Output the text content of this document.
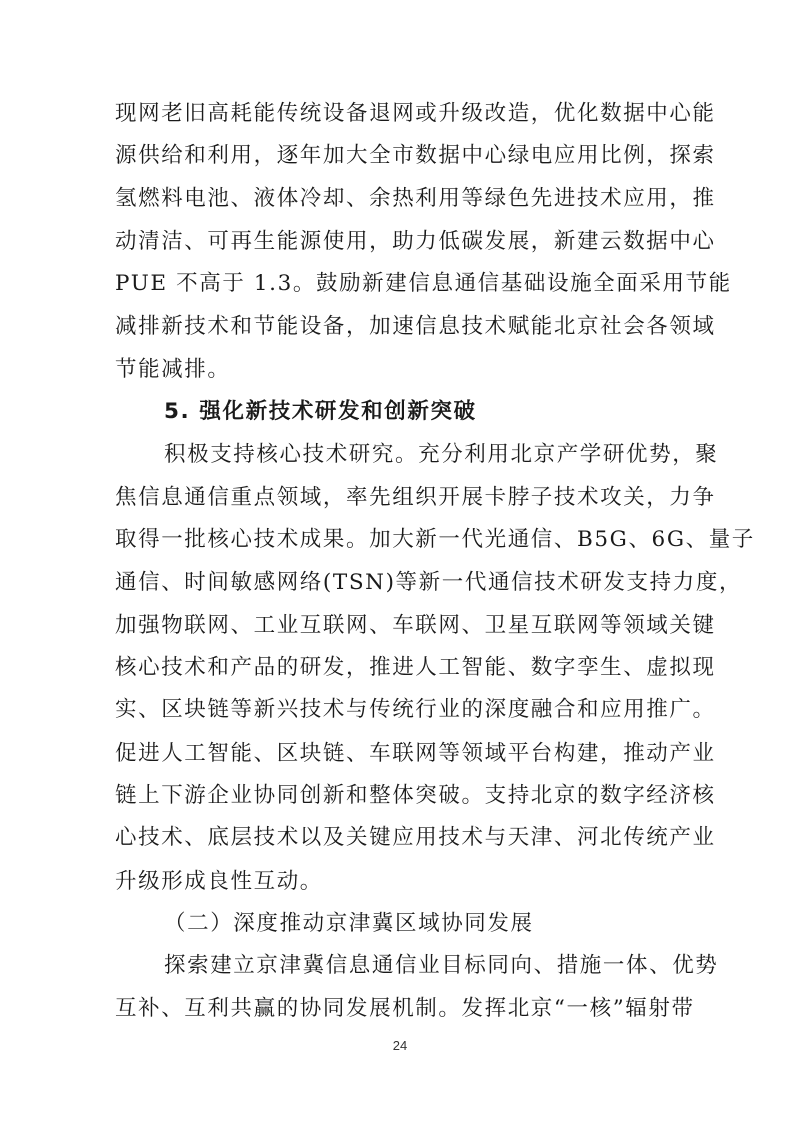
现网老旧高耗能传统设备退网或升级改造，优化数据中心能
源供给和利用，逐年加大全市数据中心绿电应用比例，探索
氢燃料电池、液体冷却、余热利用等绿色先进技术应用，推
动清洁、可再生能源使用，助力低碳发展，新建云数据中心
PUE 不高于 1.3。鼓励新建信息通信基础设施全面采用节能
减排新技术和节能设备，加速信息技术赋能北京社会各领域
节能减排。
5. 强化新技术研发和创新突破
积极支持核心技术研究。充分利用北京产学研优势，聚
焦信息通信重点领域，率先组织开展卡脖子技术攻关，力争
取得一批核心技术成果。加大新一代光通信、B5G、6G、量子
通信、时间敏感网络(TSN)等新一代通信技术研发支持力度，
加强物联网、工业互联网、车联网、卫星互联网等领域关键
核心技术和产品的研发，推进人工智能、数字孪生、虚拟现
实、区块链等新兴技术与传统行业的深度融合和应用推广。
促进人工智能、区块链、车联网等领域平台构建，推动产业
链上下游企业协同创新和整体突破。支持北京的数字经济核
心技术、底层技术以及关键应用技术与天津、河北传统产业
升级形成良性互动。
（二）深度推动京津冀区域协同发展
探索建立京津冀信息通信业目标同向、措施一体、优势
互补、互利共赢的协同发展机制。发挥北京“一核”辐射带
24
